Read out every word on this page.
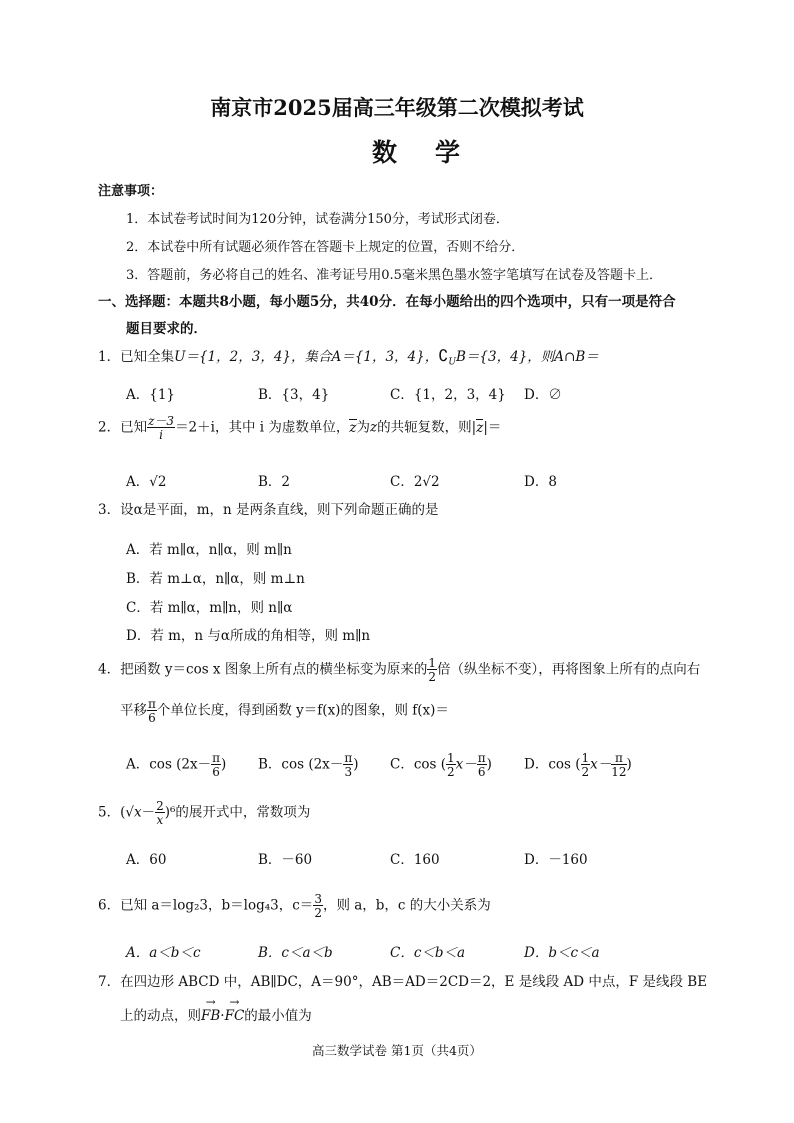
南京市2025届高三年级第二次模拟考试
数学
注意事项：
1．本试卷考试时间为120分钟，试卷满分150分，考试形式闭卷．
2．本试卷中所有试题必须作答在答题卡上规定的位置，否则不给分．
3．答题前，务必将自己的姓名、准考证号用0.5毫米黑色墨水签字笔填写在试卷及答题卡上．
一、选择题：本题共8小题，每小题5分，共40分．在每小题给出的四个选项中，只有一项是符合
题目要求的．
1．已知全集U＝{1，2，3，4}，集合A＝{1，3，4}，$∁_UB=\{3$，4}，则A∩B＝
A．{1}	B．{3，4}	C．{1，2，3，4} D．∅
2．已知 $\frac{z-3}{i} =2+i$，其中 i 为虚数单位，z为z的共轭复数，则|z|＝
A．√2	B．2	C．2√2	D．8
3．设α是平面，m，n 是两条直线，则下列命题正确的是
A．若 m∥α，n∥α，则 m∥n
B．若 m⊥α，n∥α，则 m⊥n
C．若 m∥α，m∥n，则 n∥α
D．若 m，n 与α所成的角相等，则 m∥n
4．把函数 y＝cos x 图象上所有点的横坐标变为原来的 $\frac{1}{2}$ 倍（纵坐标不变），再将图象上所有的点向右
平移 $\frac{\pi}{6}$ 个单位长度，得到函数 y＝f(x)的图象，则 f(x)＝
A．$\cos (2x- \frac{\pi}{6}$ ) B．$\cos (2x- \frac{\pi}{3}$ ) C．cos ( $\frac{1}{2} x- \frac{\pi}{6}$ ) D．cos ( $\frac{1}{2} x- \frac{\pi}{12}$ )
5．$(√x- \frac{2}{x} )^6$的展开式中，常数项为
A．60	B．－60	C．160	D．－160
6．已知 a＝log₂3，b＝log₄3，$c= \frac{3}{2}$ ，则 a，b，c 的大小关系为
A．a＜b＜c	B．c＜a＜b	C．c＜b＜a	D．b＜c＜a
7．在四边形 ABCD 中，AB∥DC，A＝90°，AB＝AD＝2CD＝2，E 是线段 AD 中点，F 是线段 BE
上的动点，则→ FB·→ FC的最小值为
高三数学试卷 第1页（共4页）
